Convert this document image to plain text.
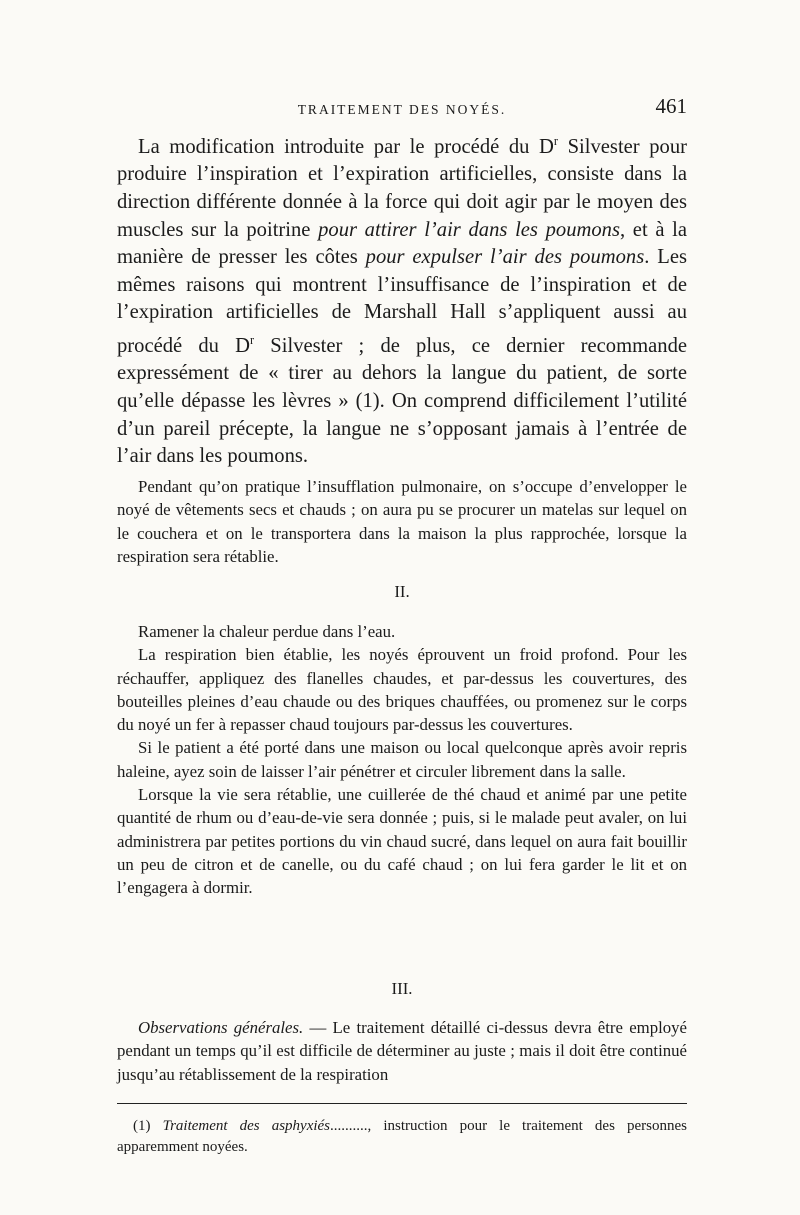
TRAITEMENT DES NOYÉS.	461

La modification introduite par le procédé du $D^r$ Silvester pour produire l’inspiration et l’expiration artificielles, consiste dans la direction différente donnée à la force qui doit agir par le moyen des muscles sur la poitrine pour attirer l’air dans les poumons, et à la manière de presser les côtes pour expulser l’air des poumons. Les mêmes raisons qui montrent l’insuffisance de l’inspiration et de l’expiration artificielles de Marshall Hall s’appliquent aussi au procédé du $D^r$ Silvester ; de plus, ce dernier recommande expressément de « tirer au dehors la langue du patient, de sorte qu’elle dépasse les lèvres » (1). On comprend difficilement l’utilité d’un pareil précepte, la langue ne s’opposant jamais à l’entrée de l’air dans les poumons.

Pendant qu’on pratique l’insufflation pulmonaire, on s’occupe d’envelopper le noyé de vêtements secs et chauds ; on aura pu se procurer un matelas sur lequel on le couchera et on le transportera dans la maison la plus rapprochée, lorsque la respiration sera rétablie.

II.

Ramener la chaleur perdue dans l’eau.

La respiration bien établie, les noyés éprouvent un froid profond. Pour les réchauffer, appliquez des flanelles chaudes, et par-dessus les couvertures, des bouteilles pleines d’eau chaude ou des briques chauffées, ou promenez sur le corps du noyé un fer à repasser chaud toujours par-dessus les couvertures.

Si le patient a été porté dans une maison ou local quelconque après avoir repris haleine, ayez soin de laisser l’air pénétrer et circuler librement dans la salle.

Lorsque la vie sera rétablie, une cuillerée de thé chaud et animé par une petite quantité de rhum ou d’eau-de-vie sera donnée ; puis, si le malade peut avaler, on lui administrera par petites portions du vin chaud sucré, dans lequel on aura fait bouillir un peu de citron et de canelle, ou du café chaud ; on lui fera garder le lit et on l’engagera à dormir.

III.

Observations générales. — Le traitement détaillé ci-dessus devra être employé pendant un temps qu’il est difficile de déterminer au juste ; mais il doit être continué jusqu’au rétablissement de la respiration

(1) Traitement des asphyxiés.........., instruction pour le traitement des personnes apparemment noyées.
